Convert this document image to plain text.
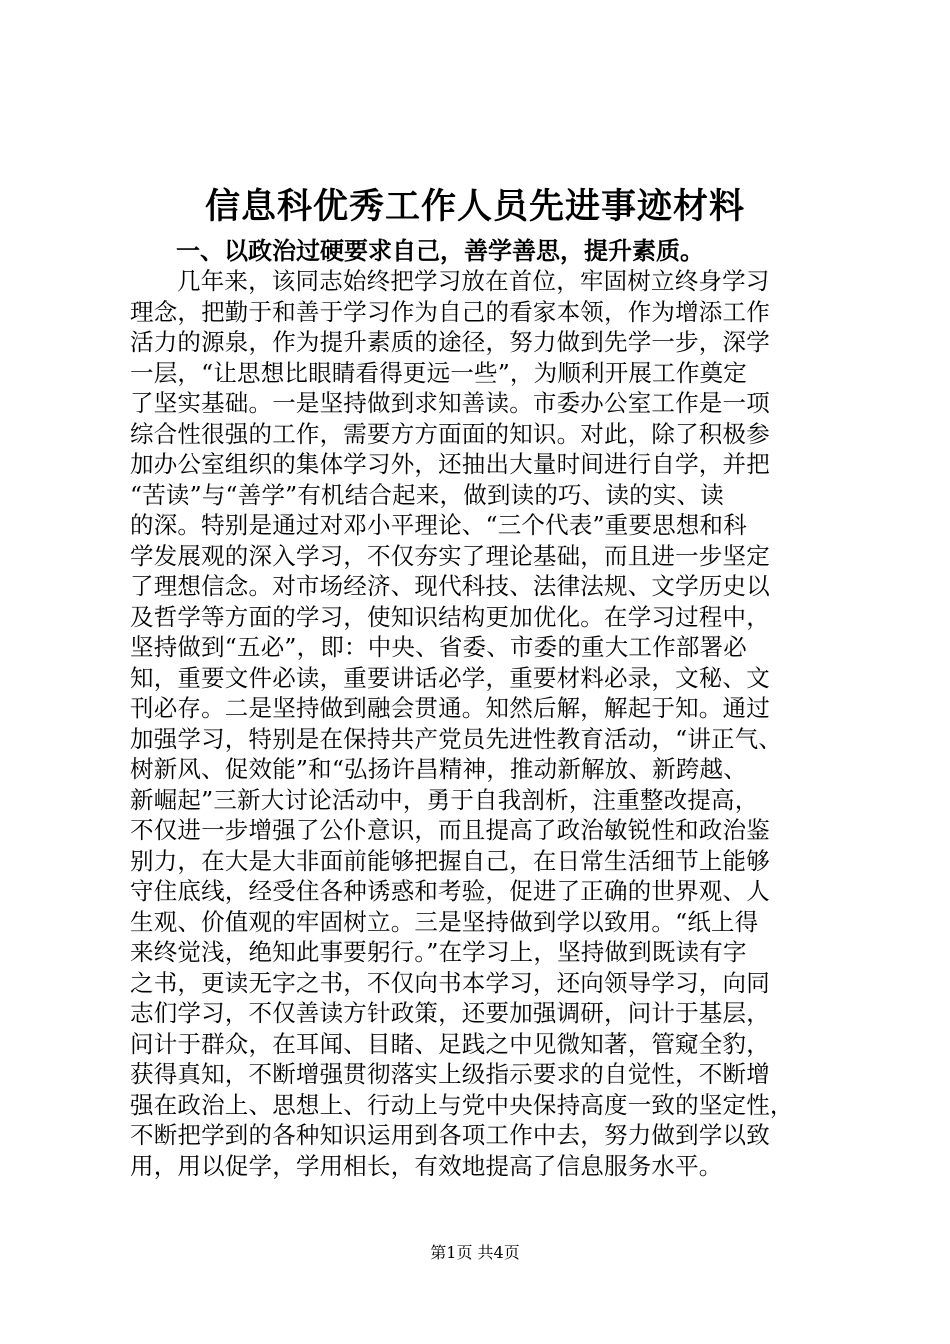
信息科优秀工作人员先进事迹材料
一、以政治过硬要求自己，善学善思，提升素质。
几年来，该同志始终把学习放在首位，牢固树立终身学习
理念，把勤于和善于学习作为自己的看家本领，作为增添工作
活力的源泉，作为提升素质的途径，努力做到先学一步，深学
一层，“让思想比眼睛看得更远一些”，为顺利开展工作奠定
了坚实基础。一是坚持做到求知善读。市委办公室工作是一项
综合性很强的工作，需要方方面面的知识。对此，除了积极参
加办公室组织的集体学习外，还抽出大量时间进行自学，并把
“苦读”与“善学”有机结合起来，做到读的巧、读的实、读
的深。特别是通过对邓小平理论、“三个代表”重要思想和科
学发展观的深入学习，不仅夯实了理论基础，而且进一步坚定
了理想信念。对市场经济、现代科技、法律法规、文学历史以
及哲学等方面的学习，使知识结构更加优化。在学习过程中，
坚持做到“五必”，即：中央、省委、市委的重大工作部署必
知，重要文件必读，重要讲话必学，重要材料必录，文秘、文
刊必存。二是坚持做到融会贯通。知然后解，解起于知。通过
加强学习，特别是在保持共产党员先进性教育活动，“讲正气、
树新风、促效能”和“弘扬许昌精神，推动新解放、新跨越、
新崛起”三新大讨论活动中，勇于自我剖析，注重整改提高，
不仅进一步增强了公仆意识，而且提高了政治敏锐性和政治鉴
别力，在大是大非面前能够把握自己，在日常生活细节上能够
守住底线，经受住各种诱惑和考验，促进了正确的世界观、人
生观、价值观的牢固树立。三是坚持做到学以致用。“纸上得
来终觉浅，绝知此事要躬行。”在学习上，坚持做到既读有字
之书，更读无字之书，不仅向书本学习，还向领导学习，向同
志们学习，不仅善读方针政策，还要加强调研，问计于基层，
问计于群众，在耳闻、目睹、足践之中见微知著，管窥全豹，
获得真知，不断增强贯彻落实上级指示要求的自觉性，不断增
强在政治上、思想上、行动上与党中央保持高度一致的坚定性，
不断把学到的各种知识运用到各项工作中去，努力做到学以致
用，用以促学，学用相长，有效地提高了信息服务水平。

第1页 共4页
